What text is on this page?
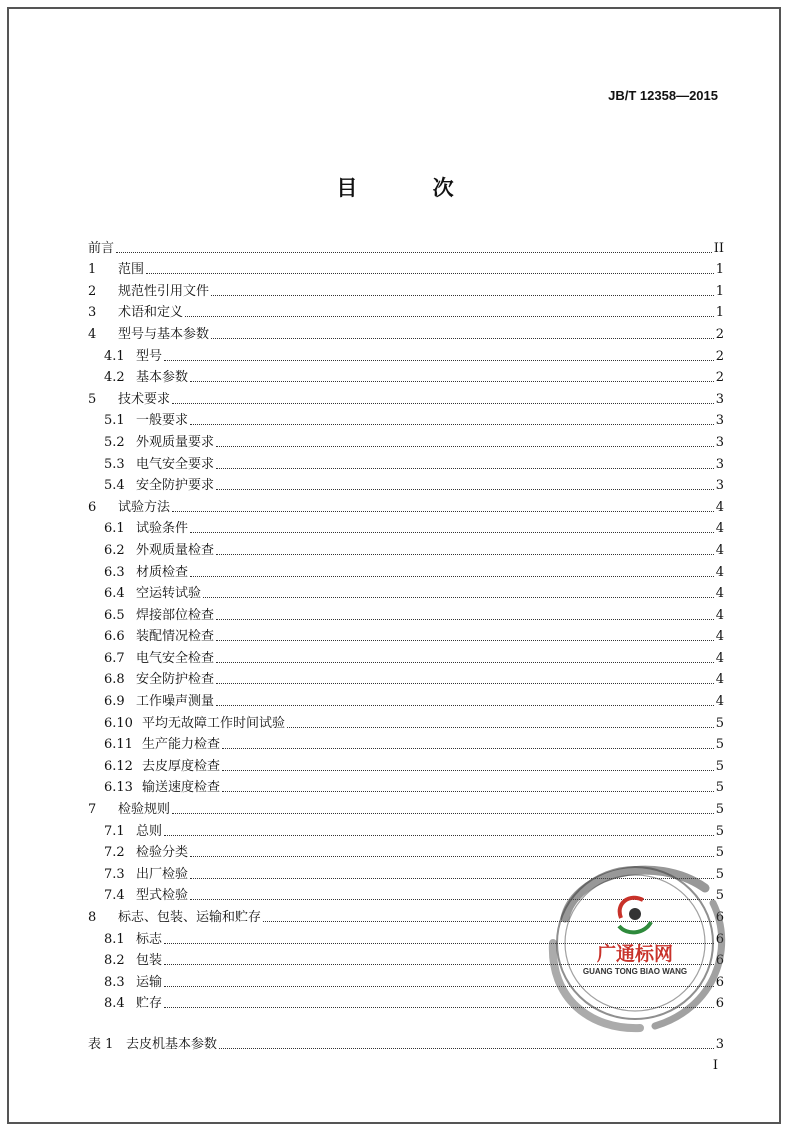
JB/T 12358—2015
目 次
前言	II
1	范围	1
2	规范性引用文件	1
3	术语和定义	1
4	型号与基本参数	2
4.1 型号	2
4.2 基本参数	2
5	技术要求	3
5.1 一般要求	3
5.2 外观质量要求	3
5.3 电气安全要求	3
5.4 安全防护要求	3
6	试验方法	4
6.1 试验条件	4
6.2 外观质量检查	4
6.3 材质检查	4
6.4 空运转试验	4
6.5 焊接部位检查	4
6.6 装配情况检查	4
6.7 电气安全检查	4
6.8 安全防护检查	4
6.9 工作噪声测量	4
6.10 平均无故障工作时间试验	5
6.11 生产能力检查	5
6.12 去皮厚度检查	5
6.13 输送速度检查	5
7	检验规则	5
7.1 总则	5
7.2 检验分类	5
7.3 出厂检验	5
7.4 型式检验	5
8	标志、包装、运输和贮存	6
8.1 标志	6
8.2 包装	6
8.3 运输	6
8.4 贮存	6
表 1 去皮机基本参数	3
I
广通标网
GUANG TONG BIAO WANG
